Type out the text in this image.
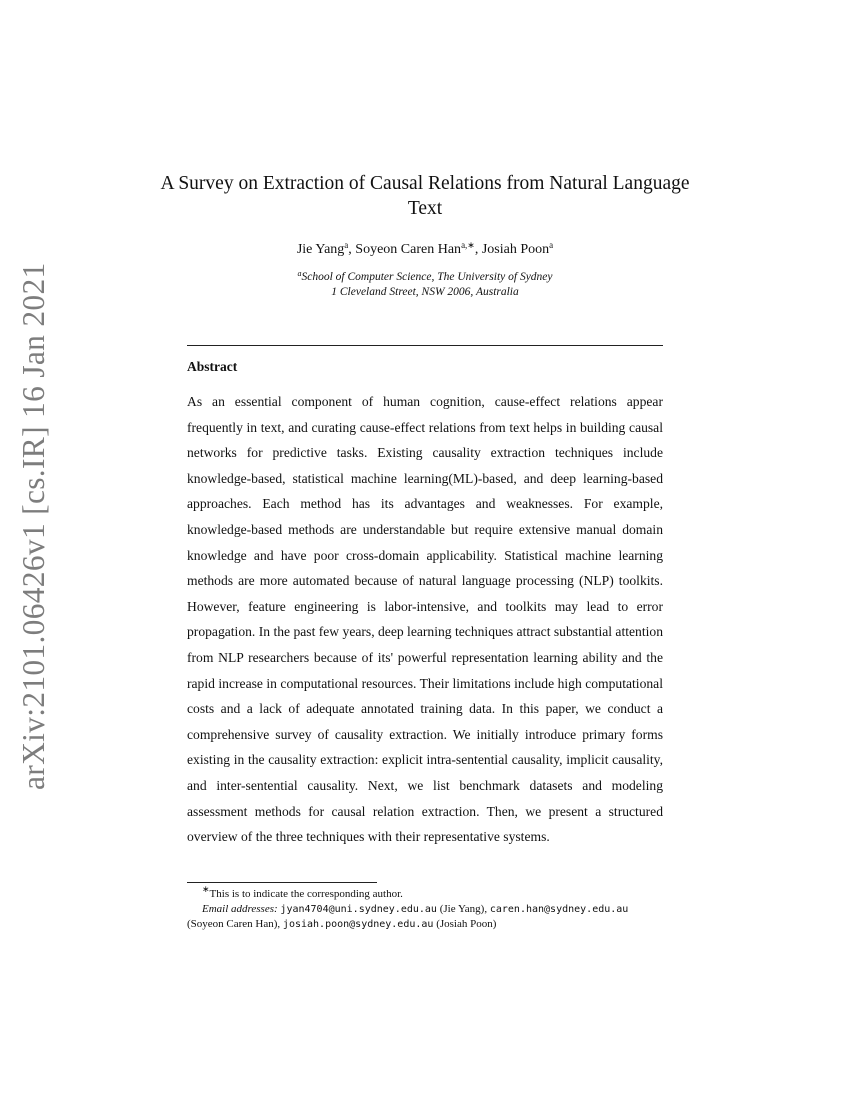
arXiv:2101.06426v1 [cs.IR] 16 Jan 2021
A Survey on Extraction of Causal Relations from Natural Language Text
Jie Yang$^a$, Soyeon Caren Han$^{a,∗}$, Josiah Poon$^a$
$^a$School of Computer Science, The University of Sydney
1 Cleveland Street, NSW 2006, Australia
Abstract

As an essential component of human cognition, cause-effect relations appear frequently in text, and curating cause-effect relations from text helps in building causal networks for predictive tasks. Existing causality extraction techniques include knowledge-based, statistical machine learning(ML)-based, and deep learning-based approaches. Each method has its advantages and weaknesses. For example, knowledge-based methods are understandable but require extensive manual domain knowledge and have poor cross-domain applicability. Statistical machine learning methods are more automated because of natural language processing (NLP) toolkits. However, feature engineering is labor-intensive, and toolkits may lead to error propagation. In the past few years, deep learning techniques attract substantial attention from NLP researchers because of its' powerful representation learning ability and the rapid increase in computational resources. Their limitations include high computational costs and a lack of adequate annotated training data. In this paper, we conduct a comprehensive survey of causality extraction. We initially introduce primary forms existing in the causality extraction: explicit intra-sentential causality, implicit causality, and inter-sentential causality. Next, we list benchmark datasets and modeling assessment methods for causal relation extraction. Then, we present a structured overview of the three techniques with their representative systems.

∗This is to indicate the corresponding author.
Email addresses: jyan4704@uni.sydney.edu.au (Jie Yang), caren.han@sydney.edu.au (Soyeon Caren Han), josiah.poon@sydney.edu.au (Josiah Poon)
